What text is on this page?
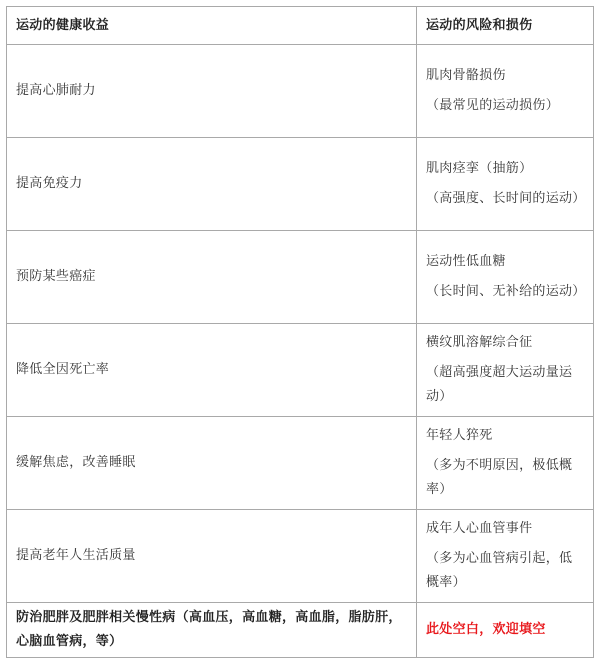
运动的健康收益	运动的风险和损伤
提高心肺耐力	肌肉骨骼损伤
（最常见的运动损伤）

提高免疫力	肌肉痉挛（抽筋）
（高强度、长时间的运动）

预防某些癌症	运动性低血糖
（长时间、无补给的运动）

降低全因死亡率	横纹肌溶解综合征
（超高强度超大运动量运动）

缓解焦虑，改善睡眠	年轻人猝死
（多为不明原因，极低概率）

提高老年人生活质量	成年人心血管事件
（多为心血管病引起，低概率）

防治肥胖及肥胖相关慢性病（高血压，高血糖，高血脂，脂肪肝，心脑血管病，等）	此处空白，欢迎填空
